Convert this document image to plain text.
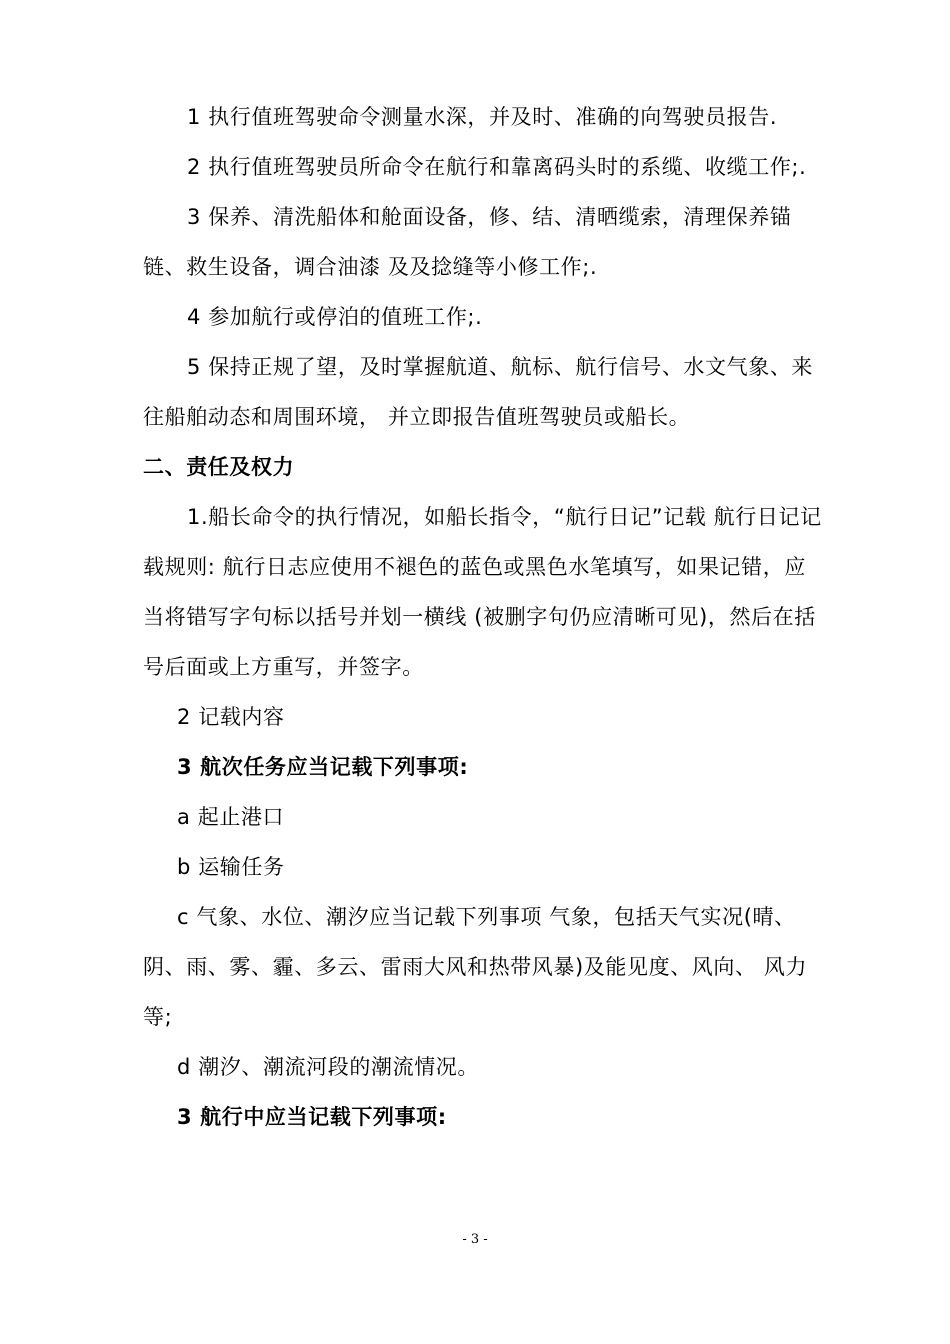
1 执行值班驾驶命令测量水深，并及时、准确的向驾驶员报告.

2 执行值班驾驶员所命令在航行和靠离码头时的系缆、收缆工作;.

3 保养、清洗船体和舱面设备，修、结、清晒缆索，清理保养锚链、救生设备，调合油漆 及及捻缝等小修工作;.

4 参加航行或停泊的值班工作;.

5 保持正规了望，及时掌握航道、航标、航行信号、水文气象、来往船舶动态和周围环境， 并立即报告值班驾驶员或船长。

二、责任及权力

1.船长命令的执行情况，如船长指令，“航行日记”记载 航行日记记载规则: 航行日志应使用不褪色的蓝色或黑色水笔填写，如果记错，应当将错写字句标以括号并划一横线 (被删字句仍应清晰可见)，然后在括号后面或上方重写，并签字。

2 记载内容

3 航次任务应当记载下列事项:

a 起止港口

b 运输任务

c 气象、水位、潮汐应当记载下列事项 气象，包括天气实况(晴、阴、雨、雾、霾、多云、雷雨大风和热带风暴)及能见度、风向、 风力等;

d 潮汐、潮流河段的潮流情况。

3 航行中应当记载下列事项:

- 3 -
